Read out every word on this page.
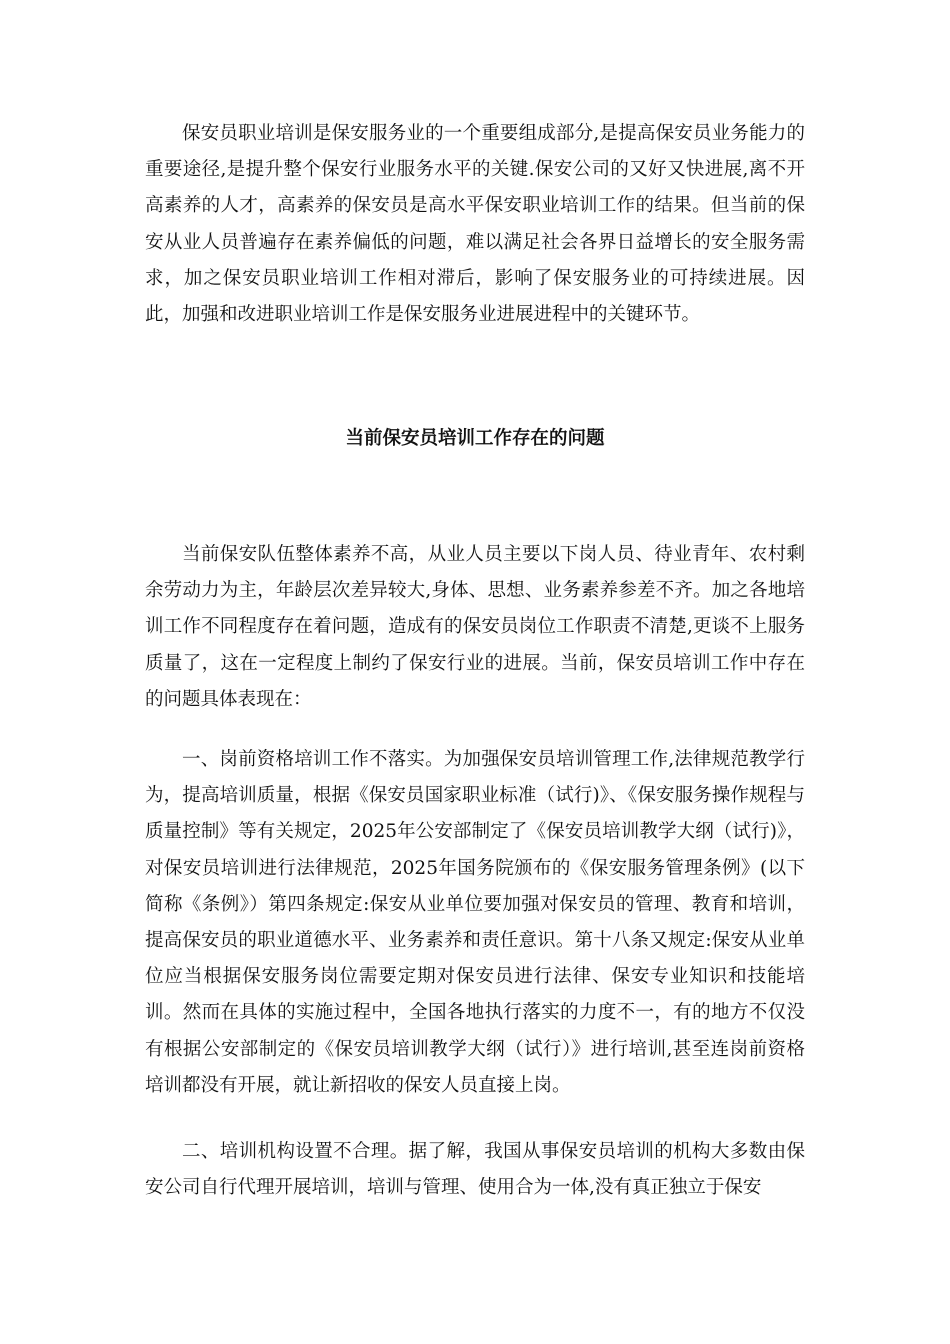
保安员职业培训是保安服务业的一个重要组成部分,是提高保安员业务能力的重要途径,是提升整个保安行业服务水平的关键.保安公司的又好又快进展,离不开高素养的人才，高素养的保安员是高水平保安职业培训工作的结果。但当前的保安从业人员普遍存在素养偏低的问题，难以满足社会各界日益增长的安全服务需求，加之保安员职业培训工作相对滞后，影响了保安服务业的可持续进展。因此，加强和改进职业培训工作是保安服务业进展进程中的关键环节。

当前保安员培训工作存在的问题

当前保安队伍整体素养不高，从业人员主要以下岗人员、待业青年、农村剩余劳动力为主，年龄层次差异较大,身体、思想、业务素养参差不齐。加之各地培训工作不同程度存在着问题，造成有的保安员岗位工作职责不清楚,更谈不上服务质量了，这在一定程度上制约了保安行业的进展。当前，保安员培训工作中存在的问题具体表现在：

一、岗前资格培训工作不落实。为加强保安员培训管理工作,法律规范教学行为，提高培训质量，根据《保安员国家职业标准（试行)》、《保安服务操作规程与质量控制》等有关规定，2025年公安部制定了《保安员培训教学大纲（试行)》，对保安员培训进行法律规范，2025年国务院颁布的《保安服务管理条例》(以下简称《条例》）第四条规定:保安从业单位要加强对保安员的管理、教育和培训，提高保安员的职业道德水平、业务素养和责任意识。第十八条又规定:保安从业单位应当根据保安服务岗位需要定期对保安员进行法律、保安专业知识和技能培训。然而在具体的实施过程中，全国各地执行落实的力度不一，有的地方不仅没有根据公安部制定的《保安员培训教学大纲（试行）》进行培训,甚至连岗前资格培训都没有开展，就让新招收的保安人员直接上岗。

二、培训机构设置不合理。据了解，我国从事保安员培训的机构大多数由保安公司自行代理开展培训，培训与管理、使用合为一体,没有真正独立于保安
